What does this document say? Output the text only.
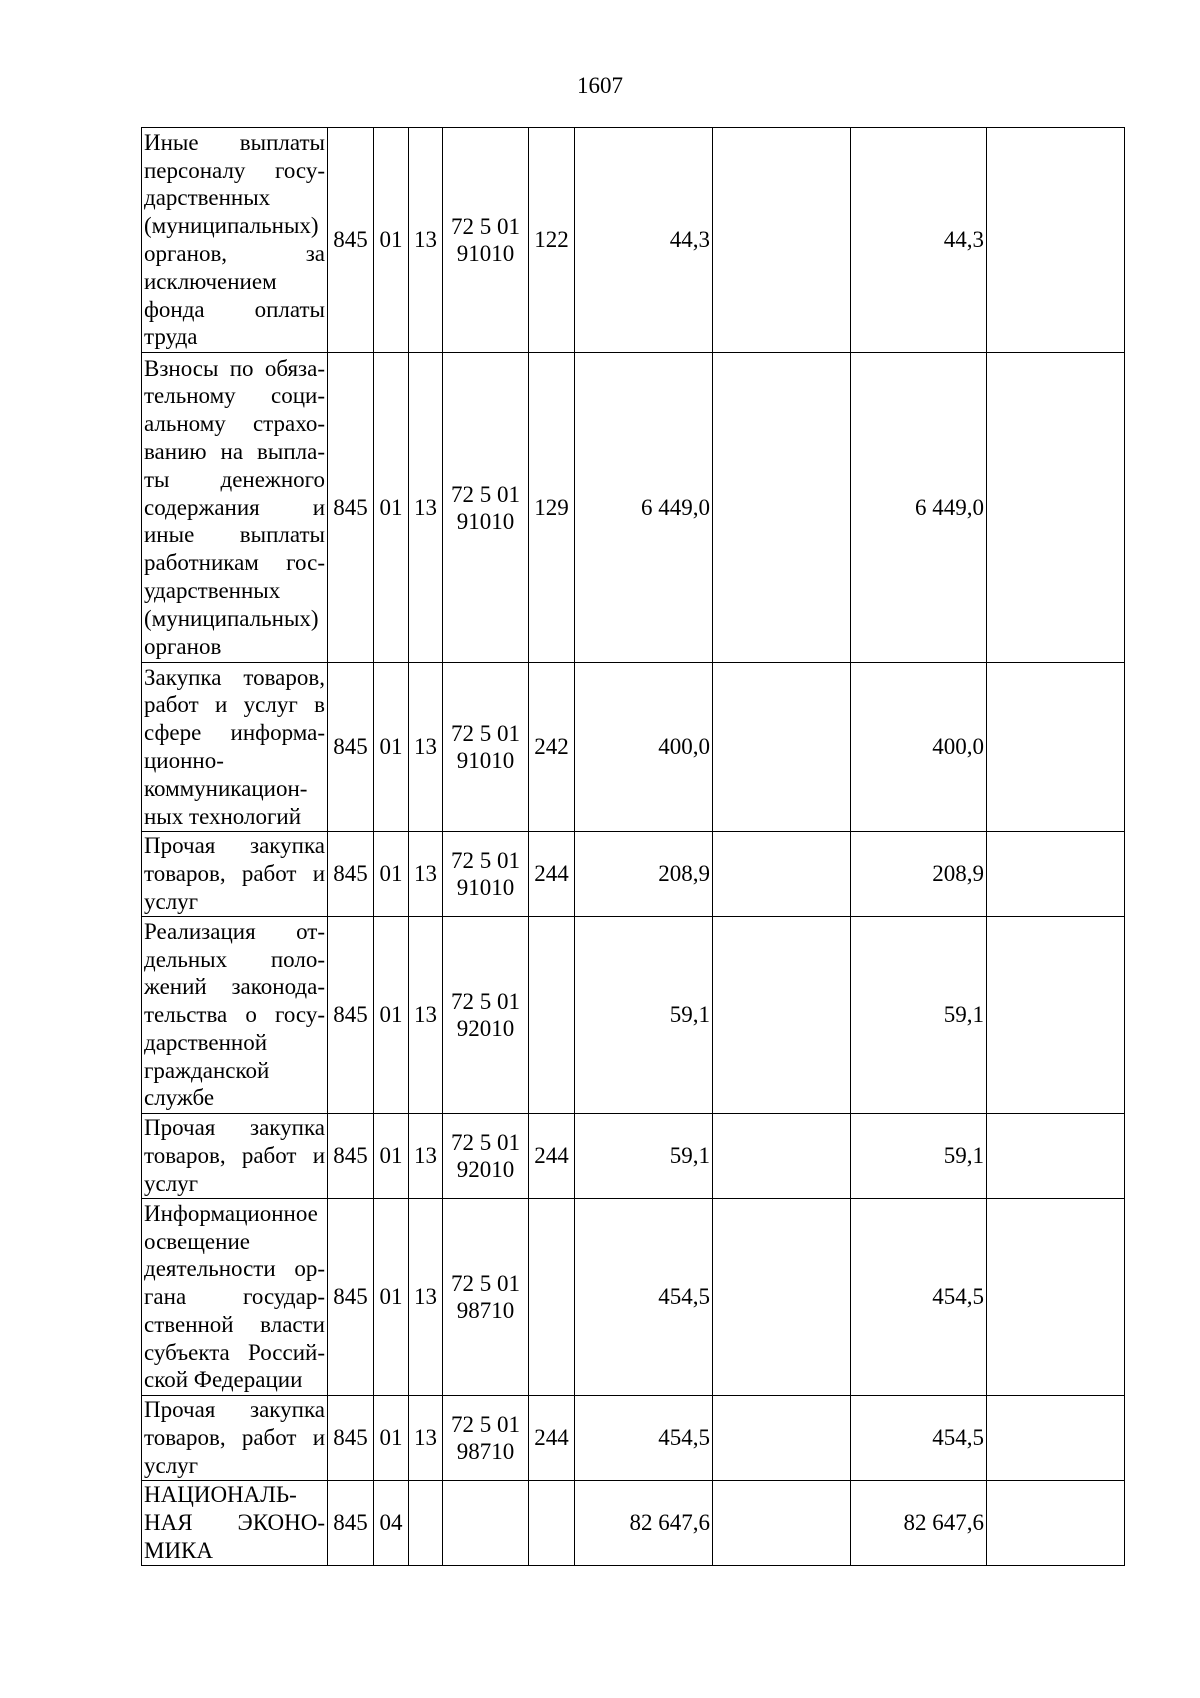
1607
Иные выплаты персоналу государственных (муниципальных) органов, за исключением фонда оплаты труда	845	01	13	72 5 01 91010	122	44,3		44,3	
Взносы по обязательному социальному страхованию на выплаты денежного содержания и иные выплаты работникам государственных (муниципальных) органов	845	01	13	72 5 01 91010	129	6 449,0		6 449,0	
Закупка товаров, работ и услуг в сфере информационно-коммуникационных технологий	845	01	13	72 5 01 91010	242	400,0		400,0	
Прочая закупка товаров, работ и услуг	845	01	13	72 5 01 91010	244	208,9		208,9	
Реализация отдельных положений законодательства о государственной гражданской службе	845	01	13	72 5 01 92010		59,1		59,1	
Прочая закупка товаров, работ и услуг	845	01	13	72 5 01 92010	244	59,1		59,1	
Информационное освещение деятельности органа государственной власти субъекта Российской Федерации	845	01	13	72 5 01 98710		454,5		454,5	
Прочая закупка товаров, работ и услуг	845	01	13	72 5 01 98710	244	454,5		454,5	
НАЦИОНАЛЬНАЯ ЭКОНОМИКА	845	04				82 647,6		82 647,6	
